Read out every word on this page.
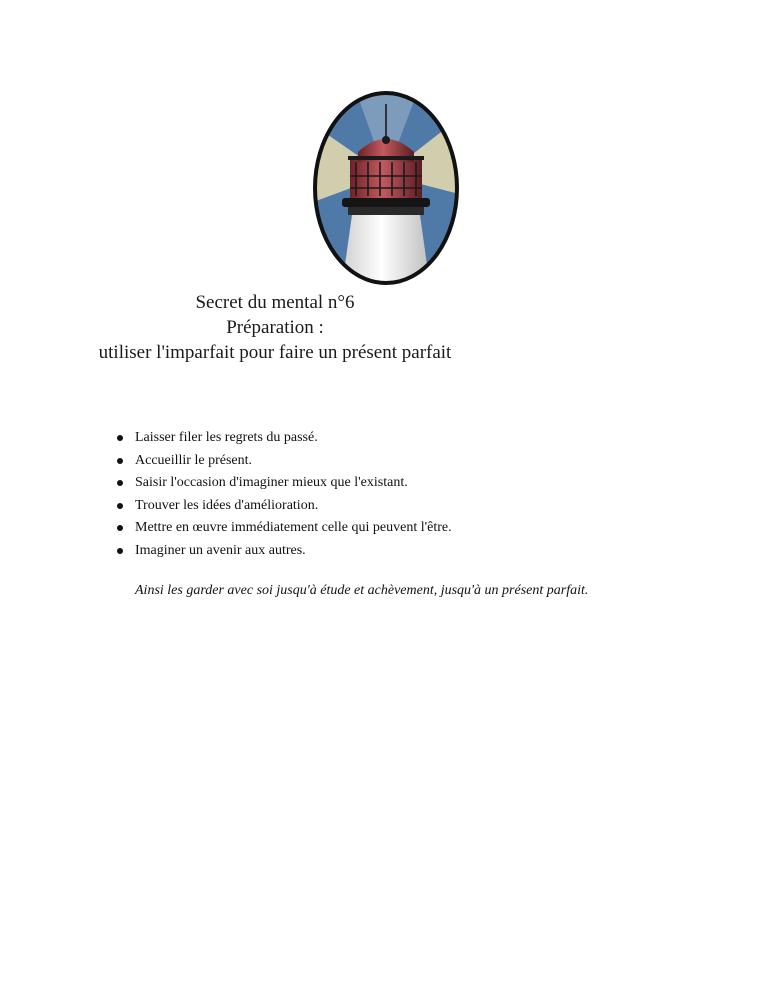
Secret du mental n°6
Préparation :
utiliser l'imparfait pour faire un présent parfait
Laisser filer les regrets du passé.
Accueillir le présent.
Saisir l'occasion d'imaginer mieux que l'existant.
Trouver les idées d'amélioration.
Mettre en œuvre immédiatement celle qui peuvent l'être.
Imaginer un avenir aux autres.
Ainsi les garder avec soi jusqu'à étude et achèvement, jusqu'à un présent parfait.
